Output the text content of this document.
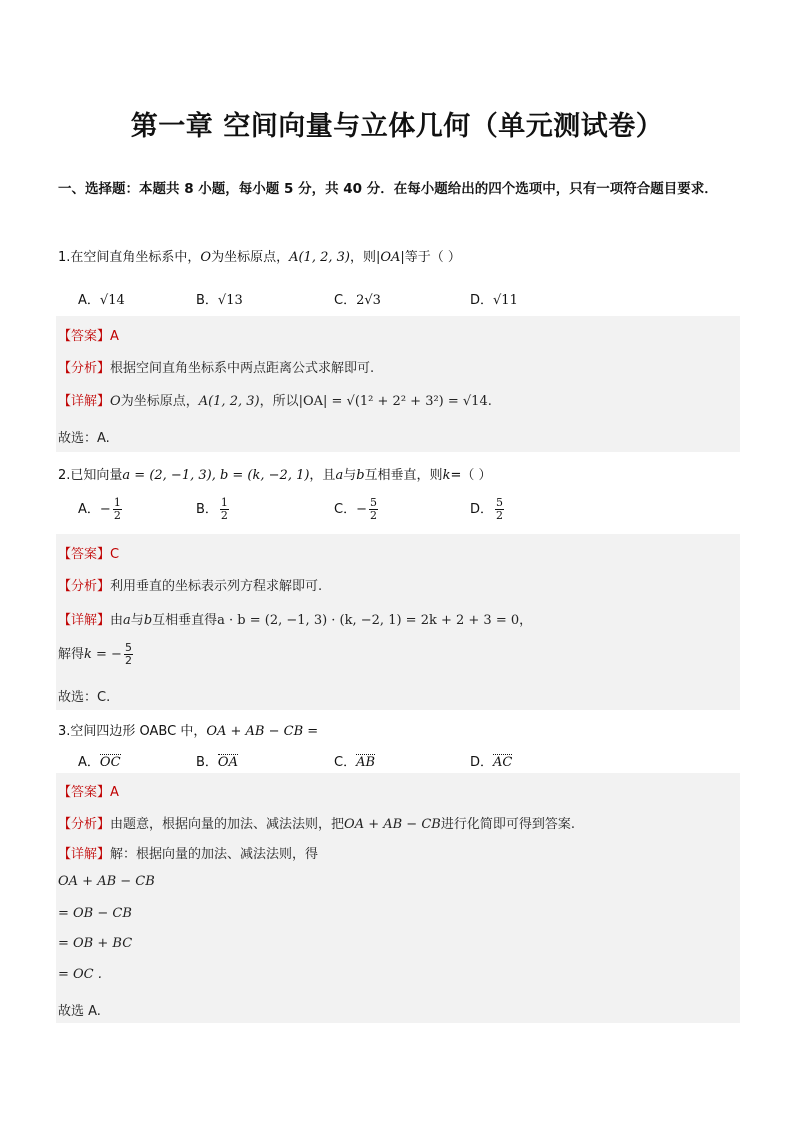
第一章 空间向量与立体几何（单元测试卷）
一、选择题：本题共 8 小题，每小题 5 分，共 40 分．在每小题给出的四个选项中，只有一项符合题目要求．
1.在空间直角坐标系中，O为坐标原点，A(1, 2, 3)，则|OA|等于（ ）
A．√14	B．√13	C．2√3	D．√11
【答案】A
【分析】根据空间直角坐标系中两点距离公式求解即可.
【详解】O为坐标原点，A(1, 2, 3)，所以|OA| = √(1² + 2² + 3²) = √14.
故选：A.
2.已知向量a = (2, −1, 3), b = (k, −2, 1)，且a与b互相垂直，则k=（ ）
A．− $\frac{1}{2}$	B． $\frac{1}{2}$	C．− $\frac{5}{2}$	D． $\frac{5}{2}$
【答案】C
【分析】利用垂直的坐标表示列方程求解即可.
【详解】由a与b互相垂直得a · b = (2, −1, 3) · (k, −2, 1) = 2k + 2 + 3 = 0，
解得k = − $\frac{5}{2}$
故选：C.
3.空间四边形 OABC 中，OA + AB − CB =
A．OC	B．OA	C．AB	D．AC
【答案】A
【分析】由题意，根据向量的加法、减法法则，把OA + AB − CB进行化简即可得到答案.
【详解】解：根据向量的加法、减法法则，得
OA + AB − CB
= OB − CB
= OB + BC
= OC .
故选 A.
